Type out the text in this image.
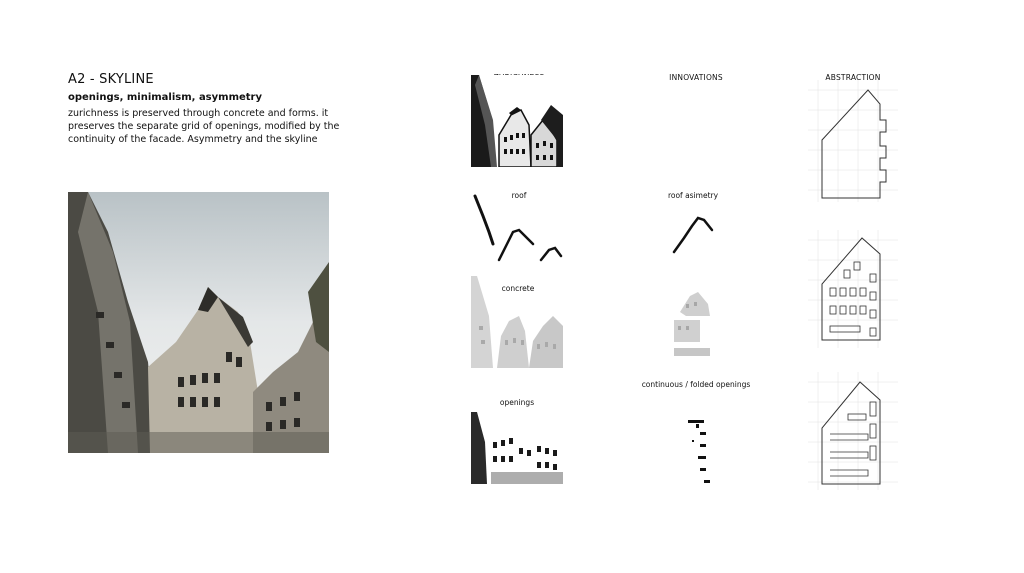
A2 - SKYLINE
openings, minimalism, asymmetry
zurichness is preserved through concrete and forms. it preserves the separate grid of openings, modified by the continuity of the facade. Asymmetry and the skyline
INNOVATIONS	ABSTRACTION
roof
concrete
openings
roof asimetry
continuous / folded openings
